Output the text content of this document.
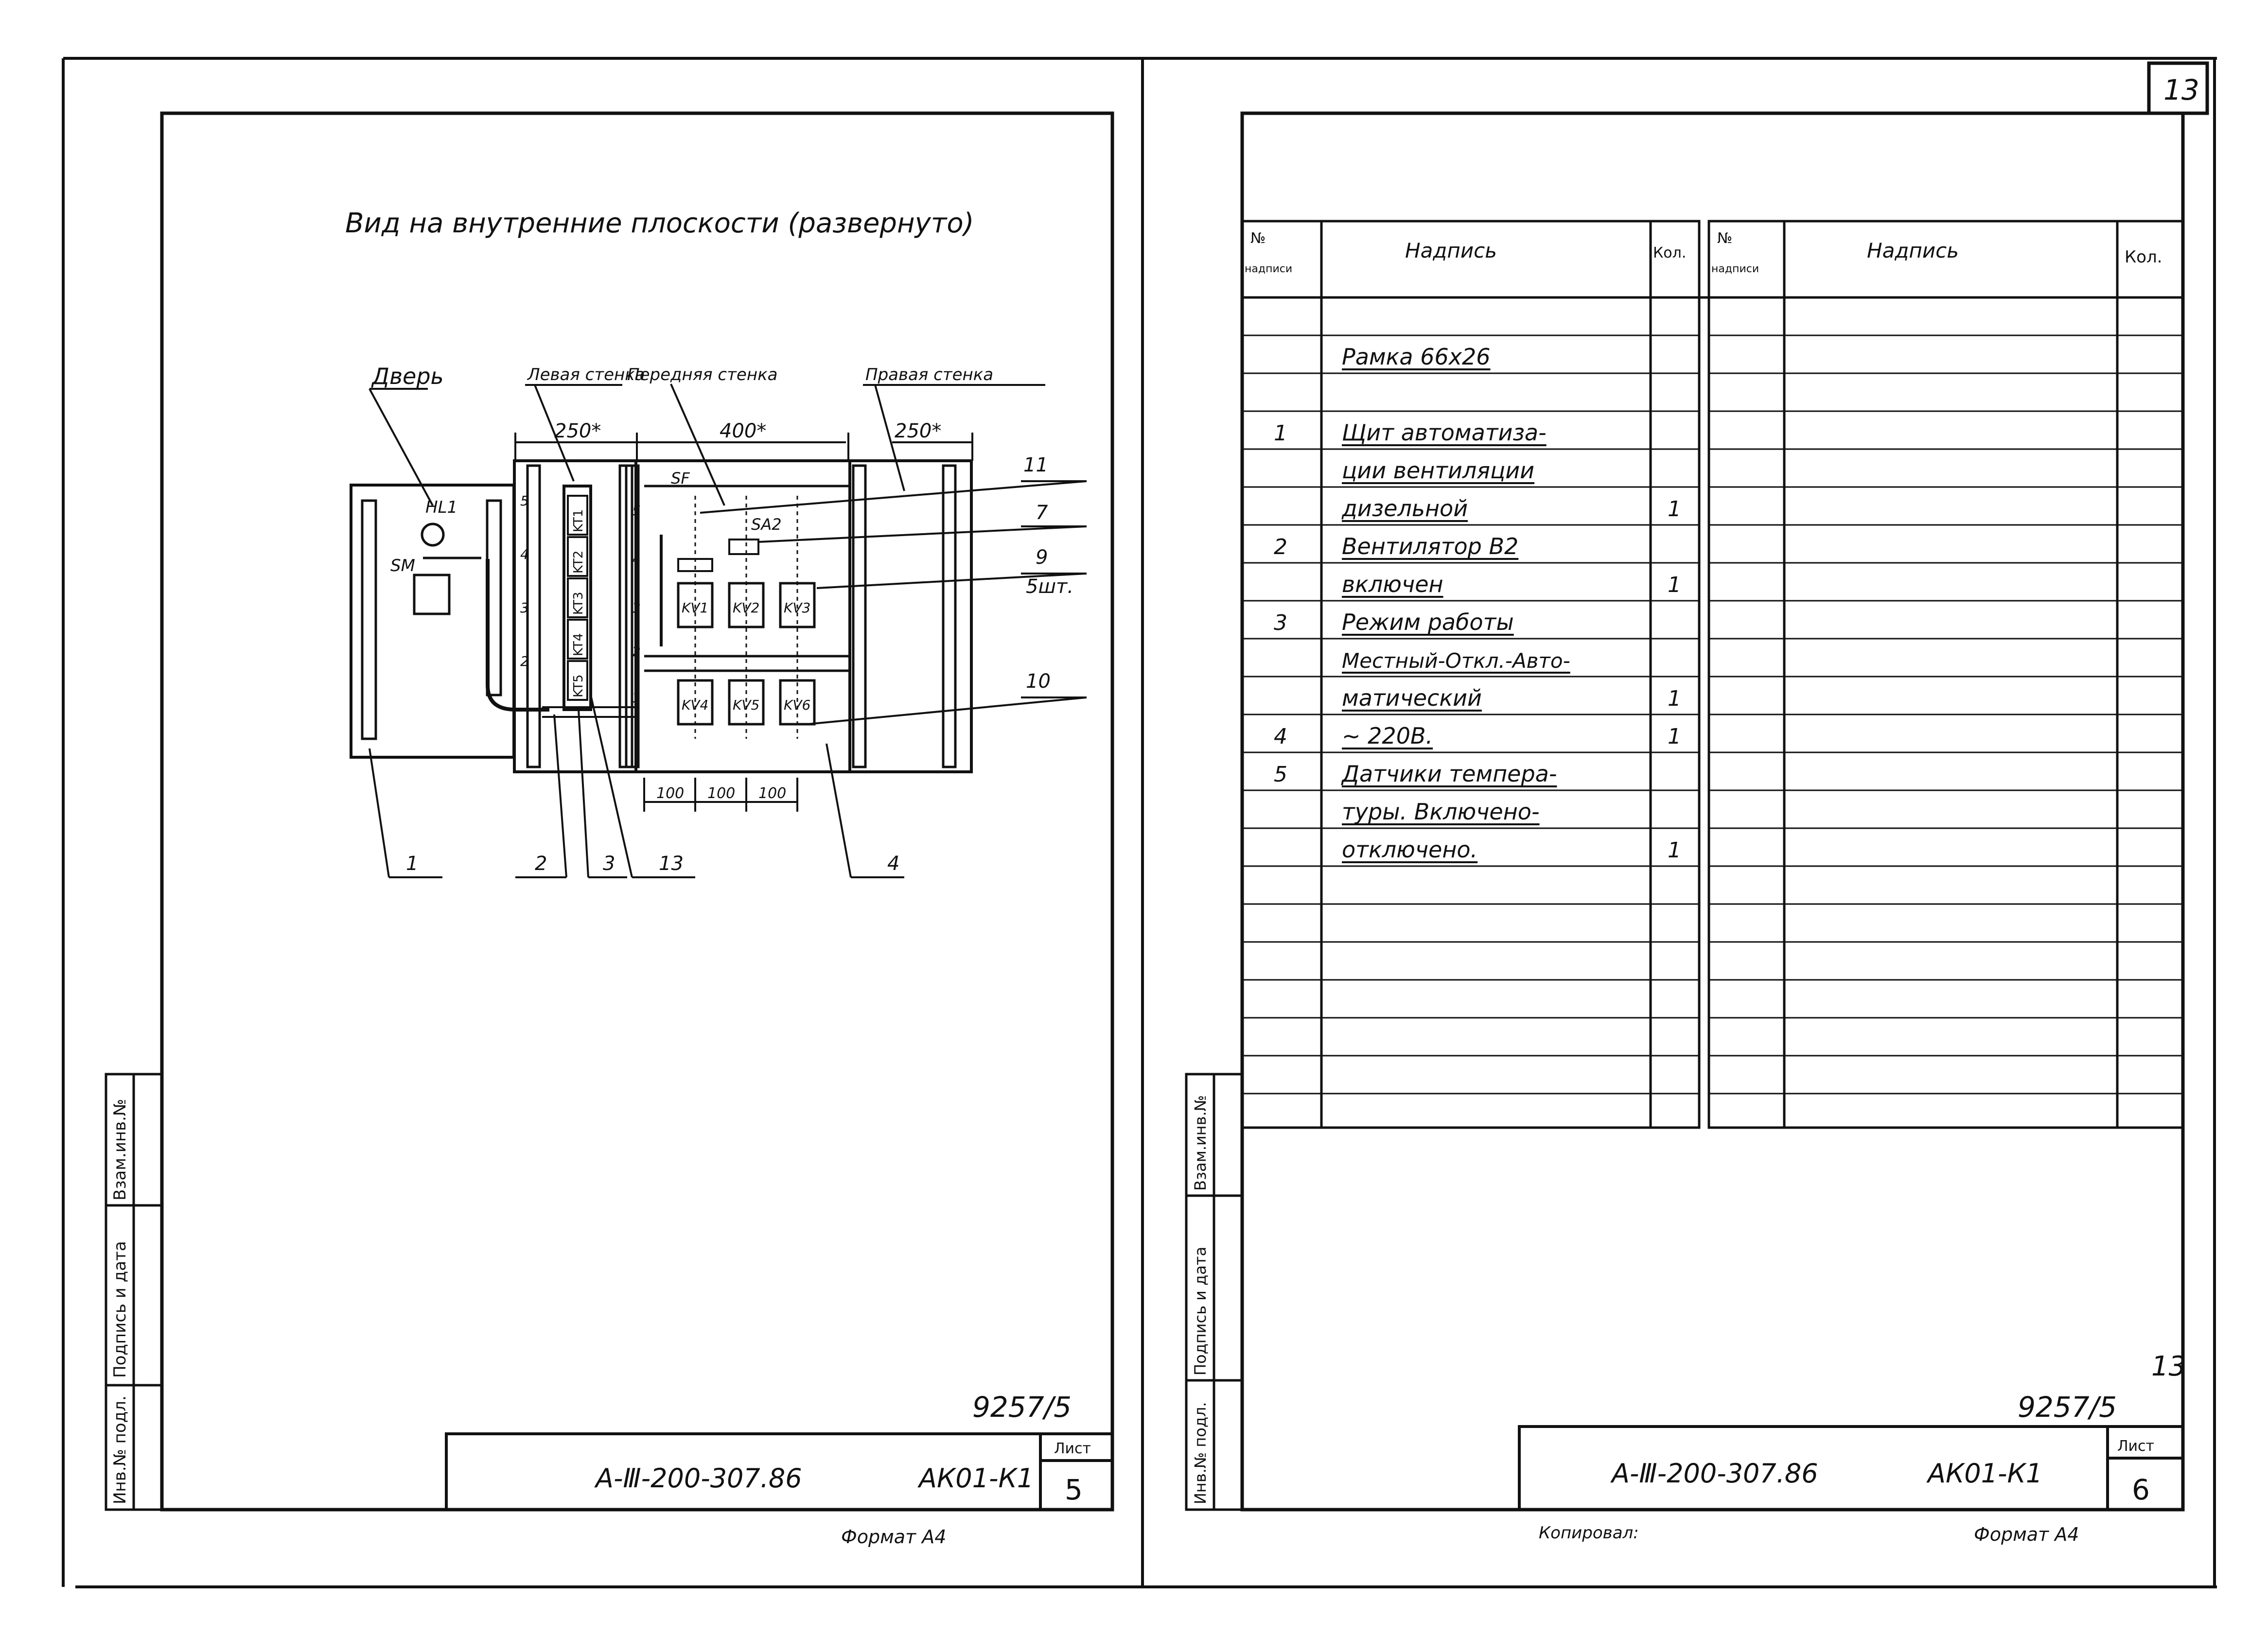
Инв.№ подл.
Подпись и дата
Взам.инв.№
Вид на внутренние плоскости (развернуто)
Дверь
HL1
SM
Левая стенка
5
4
3
2
KT1
KT2
KT3
KT4
KT5
Передняя стенка
5
4
3
2
1
SF
SA2
KV1 KV2 KV3
KV4 KV5 KV6
Правая стенка
250*	400*	250*
100 100 100
11
7
9
5шт.
10
1	2	3 13	4
9257/5
А-Ⅲ-200-307.86	АК01-К1
Лист
5
Формат А4
13
Инв.№ подл.
Подпись и дата
Взам.инв.№
№
надписи
Надпись	Кол.
№
надписи
Надпись	Кол.
Рамка 66х26
1 Щит автоматиза-
ции вентиляции
дизельной	1
2 Вентилятор В2
включен	1
3 Режим работы
Местный-Откл.-Авто-
матический	1
4 ~ 220В.	1
5 Датчики темпера-
туры. Включено-
отключено.	1
13
9257/5
А-Ⅲ-200-307.86	АК01-К1
Лист
6
Копировал:	Формат А4
